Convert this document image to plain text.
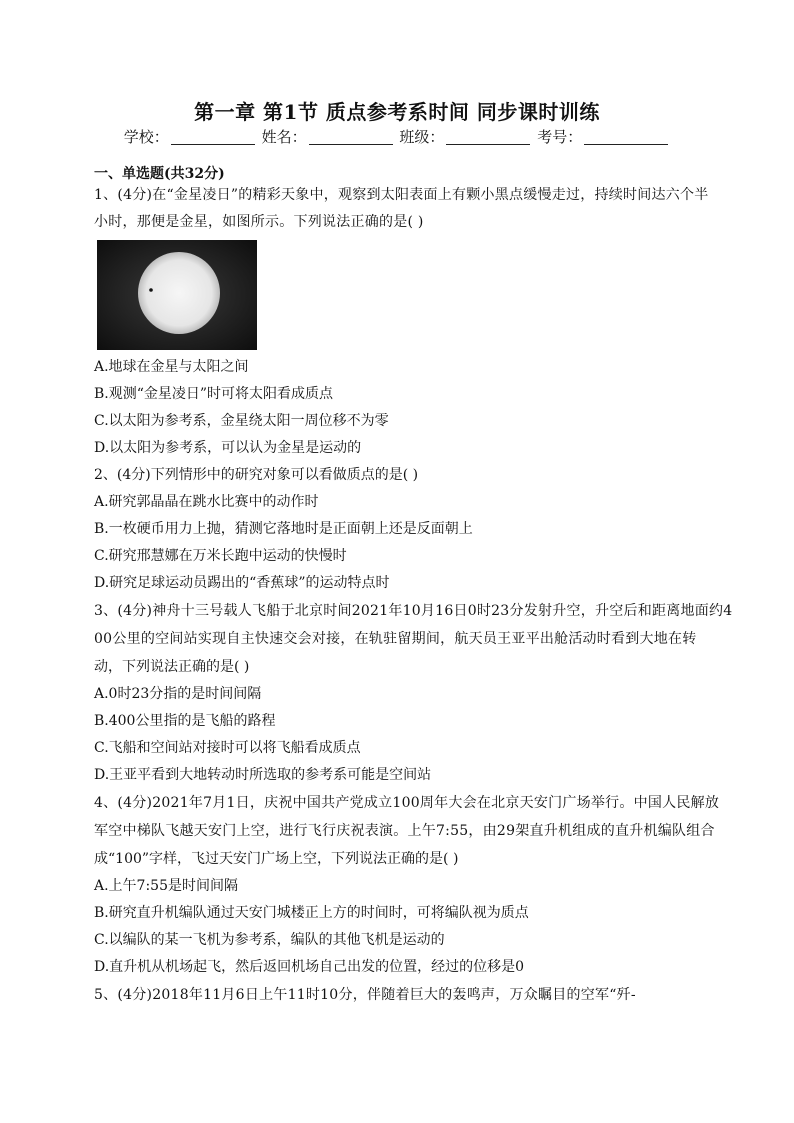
第一章 第1节 质点参考系时间 同步课时训练
学校：	姓名：	班级：	考号：
一、单选题(共32分)
1、(4分)在“金星凌日”的精彩天象中，观察到太阳表面上有颗小黑点缓慢走过，持续时间达六个半
小时，那便是金星，如图所示。下列说法正确的是( )
A.地球在金星与太阳之间
B.观测“金星凌日”时可将太阳看成质点
C.以太阳为参考系，金星绕太阳一周位移不为零
D.以太阳为参考系，可以认为金星是运动的
2、(4分)下列情形中的研究对象可以看做质点的是( )
A.研究郭晶晶在跳水比赛中的动作时
B.一枚硬币用力上抛，猜测它落地时是正面朝上还是反面朝上
C.研究邢慧娜在万米长跑中运动的快慢时
D.研究足球运动员踢出的“香蕉球”的运动特点时
3、(4分)神舟十三号载人飞船于北京时间2021年10月16日0时23分发射升空，升空后和距离地面约4
00公里的空间站实现自主快速交会对接，在轨驻留期间，航天员王亚平出舱活动时看到大地在转
动，下列说法正确的是( )
A.0时23分指的是时间间隔
B.400公里指的是飞船的路程
C.飞船和空间站对接时可以将飞船看成质点
D.王亚平看到大地转动时所选取的参考系可能是空间站
4、(4分)2021年7月1日，庆祝中国共产党成立100周年大会在北京天安门广场举行。中国人民解放
军空中梯队飞越天安门上空，进行飞行庆祝表演。上午7:55，由29架直升机组成的直升机编队组合
成“100”字样，飞过天安门广场上空，下列说法正确的是( )
A.上午7:55是时间间隔
B.研究直升机编队通过天安门城楼正上方的时间时，可将编队视为质点
C.以编队的某一飞机为参考系，编队的其他飞机是运动的
D.直升机从机场起飞，然后返回机场自己出发的位置，经过的位移是0
5、(4分)2018年11月6日上午11时10分，伴随着巨大的轰鸣声，万众瞩目的空军“歼-
